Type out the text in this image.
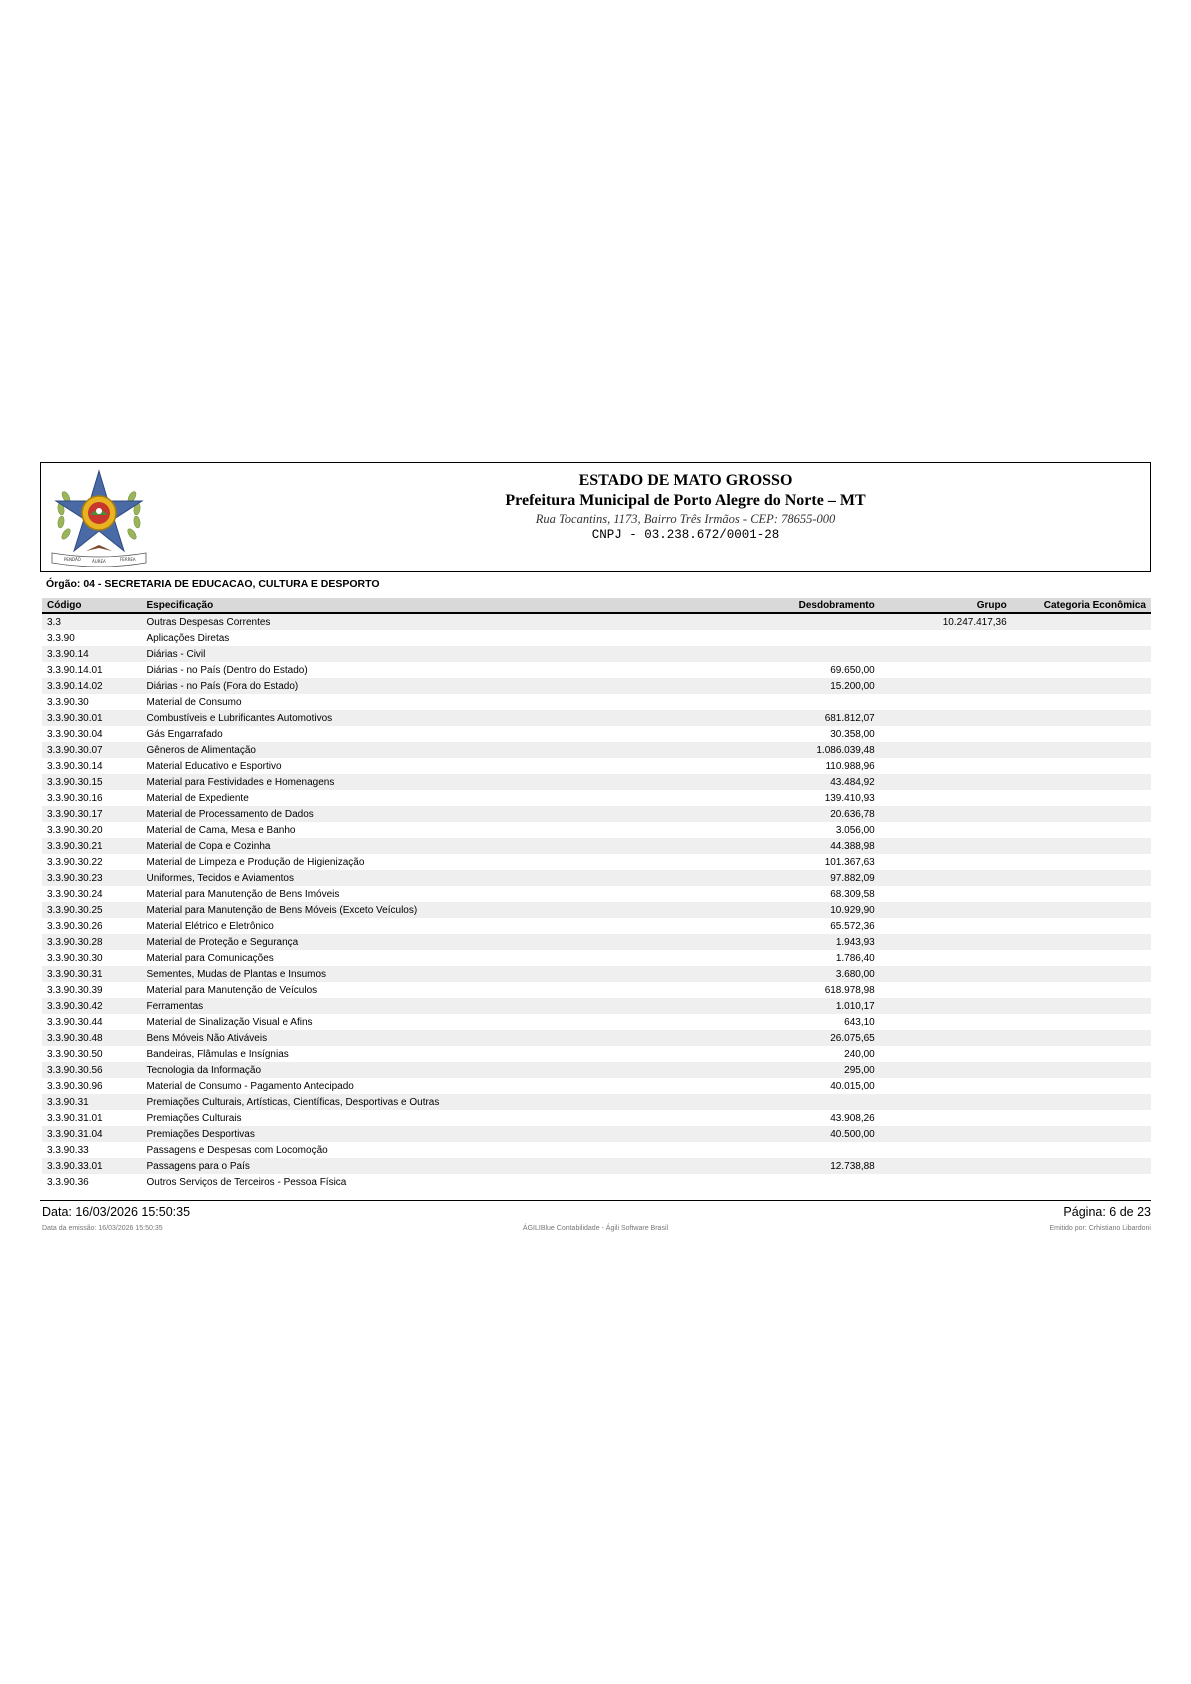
PENDÃO	ÁUREA	FERREA
ESTADO DE MATO GROSSO
Prefeitura Municipal de Porto Alegre do Norte – MT
Rua Tocantins, 1173, Bairro Três Irmãos - CEP: 78655-000
CNPJ - 03.238.672/0001-28
Órgão: 04 - SECRETARIA DE EDUCACAO, CULTURA E DESPORTO
Código	Especificação	Desdobramento	Grupo	Categoria Econômica
3.3	Outras Despesas Correntes		10.247.417,36	
3.3.90	Aplicações Diretas			
3.3.90.14	Diárias - Civil			
3.3.90.14.01	Diárias - no País (Dentro do Estado)	69.650,00		
3.3.90.14.02	Diárias - no País (Fora do Estado)	15.200,00		
3.3.90.30	Material de Consumo			
3.3.90.30.01	Combustíveis e Lubrificantes Automotivos	681.812,07		
3.3.90.30.04	Gás Engarrafado	30.358,00		
3.3.90.30.07	Gêneros de Alimentação	1.086.039,48		
3.3.90.30.14	Material Educativo e Esportivo	110.988,96		
3.3.90.30.15	Material para Festividades e Homenagens	43.484,92		
3.3.90.30.16	Material de Expediente	139.410,93		
3.3.90.30.17	Material de Processamento de Dados	20.636,78		
3.3.90.30.20	Material de Cama, Mesa e Banho	3.056,00		
3.3.90.30.21	Material de Copa e Cozinha	44.388,98		
3.3.90.30.22	Material de Limpeza e Produção de Higienização	101.367,63		
3.3.90.30.23	Uniformes, Tecidos e Aviamentos	97.882,09		
3.3.90.30.24	Material para Manutenção de Bens Imóveis	68.309,58		
3.3.90.30.25	Material para Manutenção de Bens Móveis (Exceto Veículos)	10.929,90		
3.3.90.30.26	Material Elétrico e Eletrônico	65.572,36		
3.3.90.30.28	Material de Proteção e Segurança	1.943,93		
3.3.90.30.30	Material para Comunicações	1.786,40		
3.3.90.30.31	Sementes, Mudas de Plantas e Insumos	3.680,00		
3.3.90.30.39	Material para Manutenção de Veículos	618.978,98		
3.3.90.30.42	Ferramentas	1.010,17		
3.3.90.30.44	Material de Sinalização Visual e Afins	643,10		
3.3.90.30.48	Bens Móveis Não Ativáveis	26.075,65		
3.3.90.30.50	Bandeiras, Flâmulas e Insígnias	240,00		
3.3.90.30.56	Tecnologia da Informação	295,00		
3.3.90.30.96	Material de Consumo - Pagamento Antecipado	40.015,00		
3.3.90.31	Premiações Culturais, Artísticas, Científicas, Desportivas e Outras			
3.3.90.31.01	Premiações Culturais	43.908,26		
3.3.90.31.04	Premiações Desportivas	40.500,00		
3.3.90.33	Passagens e Despesas com Locomoção			
3.3.90.33.01	Passagens para o País	12.738,88		
3.3.90.36	Outros Serviços de Terceiros - Pessoa Física			
Data: 16/03/2026 15:50:35	Página: 6 de 23
Data da emissão: 16/03/2026 15:50:35	ÁGILIBlue Contabilidade - Ágili Software Brasil	Emitido por: Crhistiano Libardoni
